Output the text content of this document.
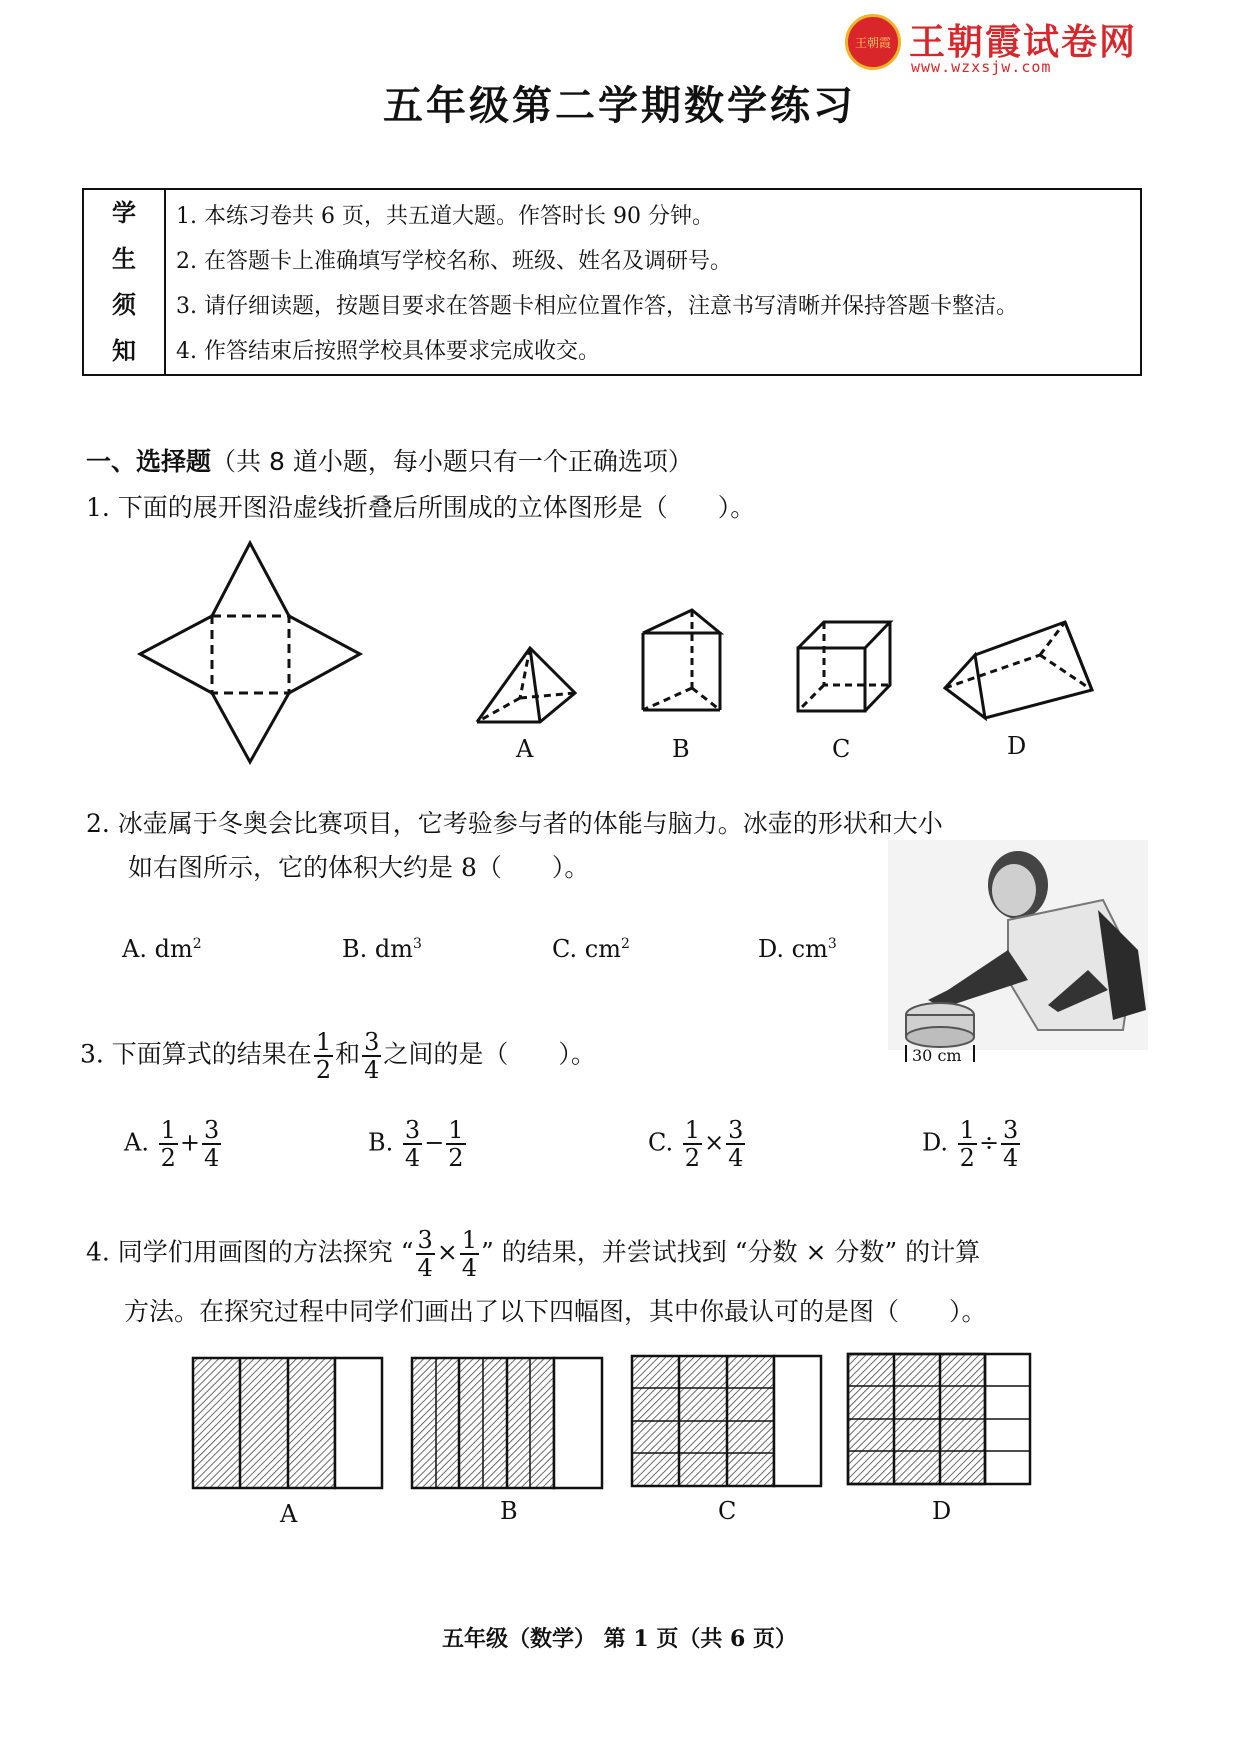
王朝霞 王朝霞试卷网
www.wzxsjw.com
五年级第二学期数学练习
学
生
须
知
1. 本练习卷共 6 页，共五道大题。作答时长 90 分钟。
2. 在答题卡上准确填写学校名称、班级、姓名及调研号。
3. 请仔细读题，按题目要求在答题卡相应位置作答，注意书写清晰并保持答题卡整洁。
4. 作答结束后按照学校具体要求完成收交。
一、选择题（共 8 道小题，每小题只有一个正确选项）
1. 下面的展开图沿虚线折叠后所围成的立体图形是（　　）。
A	B	C	D
2. 冰壶属于冬奥会比赛项目，它考验参与者的体能与脑力。冰壶的形状和大小
如右图所示，它的体积大约是 8（　　）。
A. $dm^2$	B. $dm^3$	C. $cm^2$	D. $cm^3$
30 cm
3. 下面算式的结果在 $\frac{1}{2}$ 和 $\frac{3}{4}$ 之间的是（　　）。
A. $\frac{1}{2} + \frac{3}{4}$	B. $\frac{3}{4} - \frac{1}{2}$	C. $\frac{1}{2} \times \frac{3}{4}$	D. $\frac{1}{2} \div \frac{3}{4}$
4. 同学们用画图的方法探究 “ $\frac{3}{4} \times \frac{1}{4}$ ” 的结果，并尝试找到 “分数 × 分数” 的计算
方法。在探究过程中同学们画出了以下四幅图，其中你最认可的是图（　　）。
A	B	C	D
五年级（数学） 第 1 页（共 6 页）
